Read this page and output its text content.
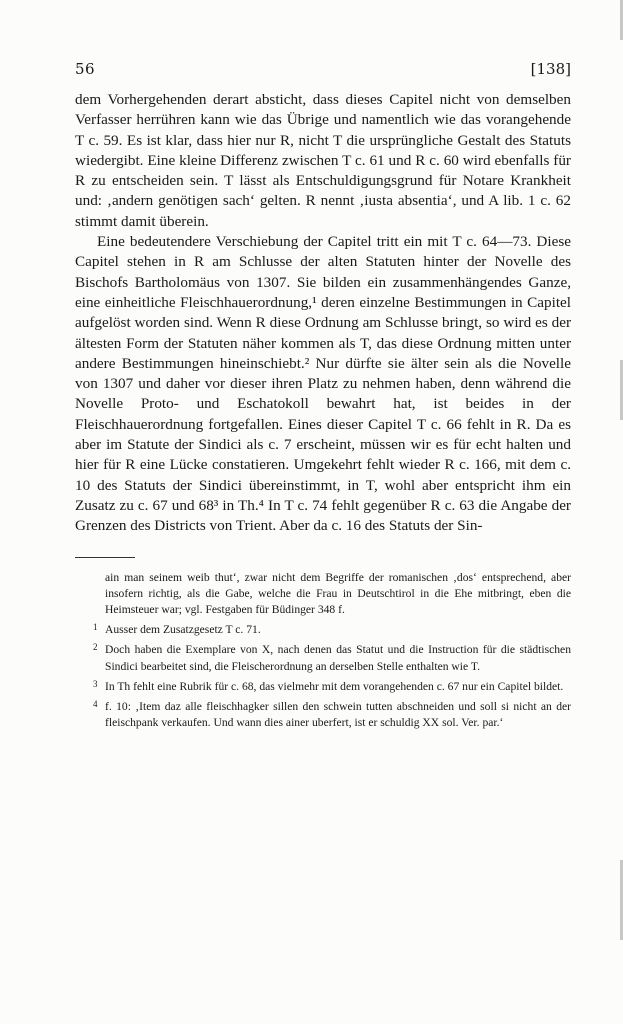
56	[138]

dem Vorhergehenden derart absticht, dass dieses Capitel nicht von demselben Verfasser herrühren kann wie das Übrige und namentlich wie das vorangehende T c. 59. Es ist klar, dass hier nur R, nicht T die ursprüngliche Gestalt des Statuts wiedergibt. Eine kleine Differenz zwischen T c. 61 und R c. 60 wird ebenfalls für R zu entscheiden sein. T lässt als Entschuldigungsgrund für Notare Krankheit und: ‚andern genötigen sach‘ gelten. R nennt ‚iusta absentia‘, und A lib. 1 c. 62 stimmt damit überein.

Eine bedeutendere Verschiebung der Capitel tritt ein mit T c. 64—73. Diese Capitel stehen in R am Schlusse der alten Statuten hinter der Novelle des Bischofs Bartholomäus von 1307. Sie bilden ein zusammenhängendes Ganze, eine einheitliche Fleischhauerordnung,¹ deren einzelne Bestimmungen in Capitel aufgelöst worden sind. Wenn R diese Ordnung am Schlusse bringt, so wird es der ältesten Form der Statuten näher kommen als T, das diese Ordnung mitten unter andere Bestimmungen hineinschiebt.² Nur dürfte sie älter sein als die Novelle von 1307 und daher vor dieser ihren Platz zu nehmen haben, denn während die Novelle Proto- und Eschatokoll bewahrt hat, ist beides in der Fleischhauerordnung fortgefallen. Eines dieser Capitel T c. 66 fehlt in R. Da es aber im Statute der Sindici als c. 7 erscheint, müssen wir es für echt halten und hier für R eine Lücke constatieren. Umgekehrt fehlt wieder R c. 166, mit dem c. 10 des Statuts der Sindici übereinstimmt, in T, wohl aber entspricht ihm ein Zusatz zu c. 67 und 68³ in Th.⁴ In T c. 74 fehlt gegenüber R c. 63 die Angabe der Grenzen des Districts von Trient. Aber da c. 16 des Statuts der Sin-

ain man seinem weib thut‘, zwar nicht dem Begriffe der romanischen ‚dos‘ entsprechend, aber insofern richtig, als die Gabe, welche die Frau in Deutschtirol in die Ehe mitbringt, eben die Heimsteuer war; vgl. Festgaben für Büdinger 348 f.
1 Ausser dem Zusatzgesetz T c. 71.
2 Doch haben die Exemplare von X, nach denen das Statut und die Instruction für die städtischen Sindici bearbeitet sind, die Fleischerordnung an derselben Stelle enthalten wie T.
3 In Th fehlt eine Rubrik für c. 68, das vielmehr mit dem vorangehenden c. 67 nur ein Capitel bildet.
4 f. 10: ‚Item daz alle fleischhagker sillen den schwein tutten abschneiden und soll si nicht an der fleischpank verkaufen. Und wann dies ainer uberfert, ist er schuldig XX sol. Ver. par.‘
